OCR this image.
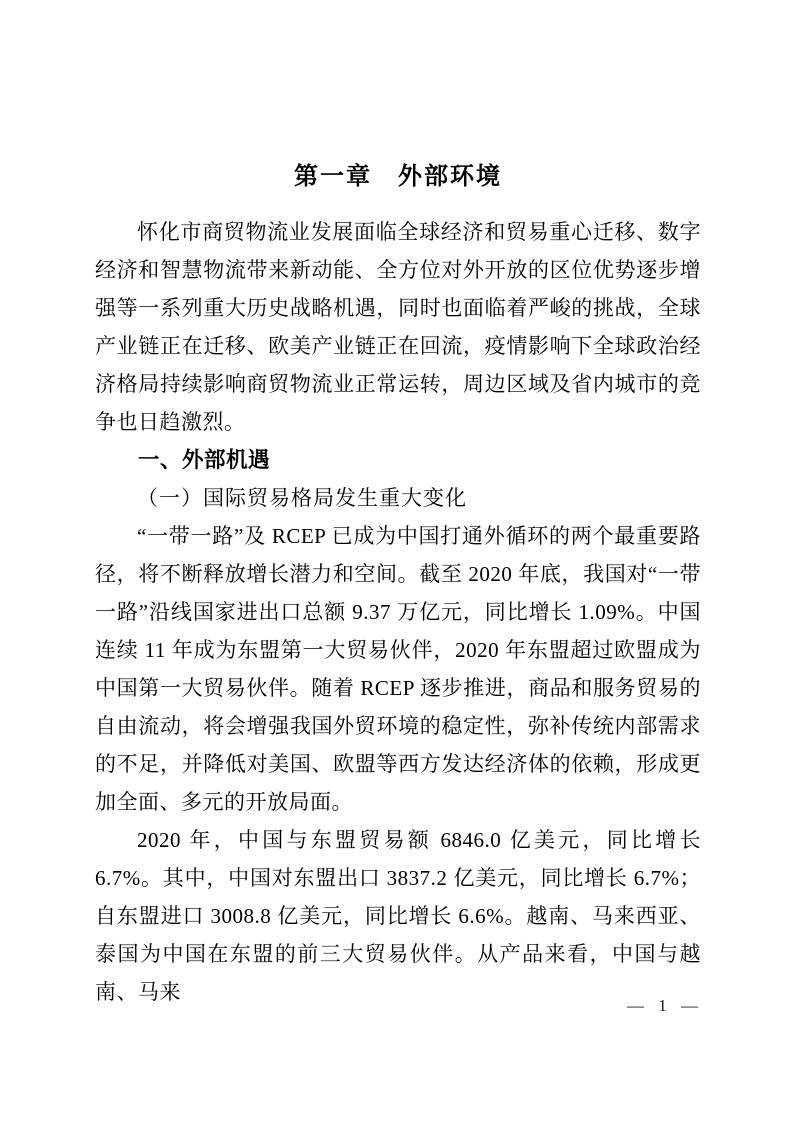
第一章　外部环境

怀化市商贸物流业发展面临全球经济和贸易重心迁移、数字经济和智慧物流带来新动能、全方位对外开放的区位优势逐步增强等一系列重大历史战略机遇，同时也面临着严峻的挑战，全球产业链正在迁移、欧美产业链正在回流，疫情影响下全球政治经济格局持续影响商贸物流业正常运转，周边区域及省内城市的竞争也日趋激烈。

一、外部机遇
（一）国际贸易格局发生重大变化

“一带一路”及 RCEP 已成为中国打通外循环的两个最重要路径，将不断释放增长潜力和空间。截至 2020 年底，我国对“一带一路”沿线国家进出口总额 9.37 万亿元，同比增长 1.09%。中国连续 11 年成为东盟第一大贸易伙伴，2020 年东盟超过欧盟成为中国第一大贸易伙伴。随着 RCEP 逐步推进，商品和服务贸易的自由流动，将会增强我国外贸环境的稳定性，弥补传统内部需求的不足，并降低对美国、欧盟等西方发达经济体的依赖，形成更加全面、多元的开放局面。

2020 年，中国与东盟贸易额 6846.0 亿美元，同比增长 6.7%。其中，中国对东盟出口 3837.2 亿美元，同比增长 6.7%；自东盟进口 3008.8 亿美元，同比增长 6.6%。越南、马来西亚、泰国为中国在东盟的前三大贸易伙伴。从产品来看，中国与越南、马来

— 1 —
